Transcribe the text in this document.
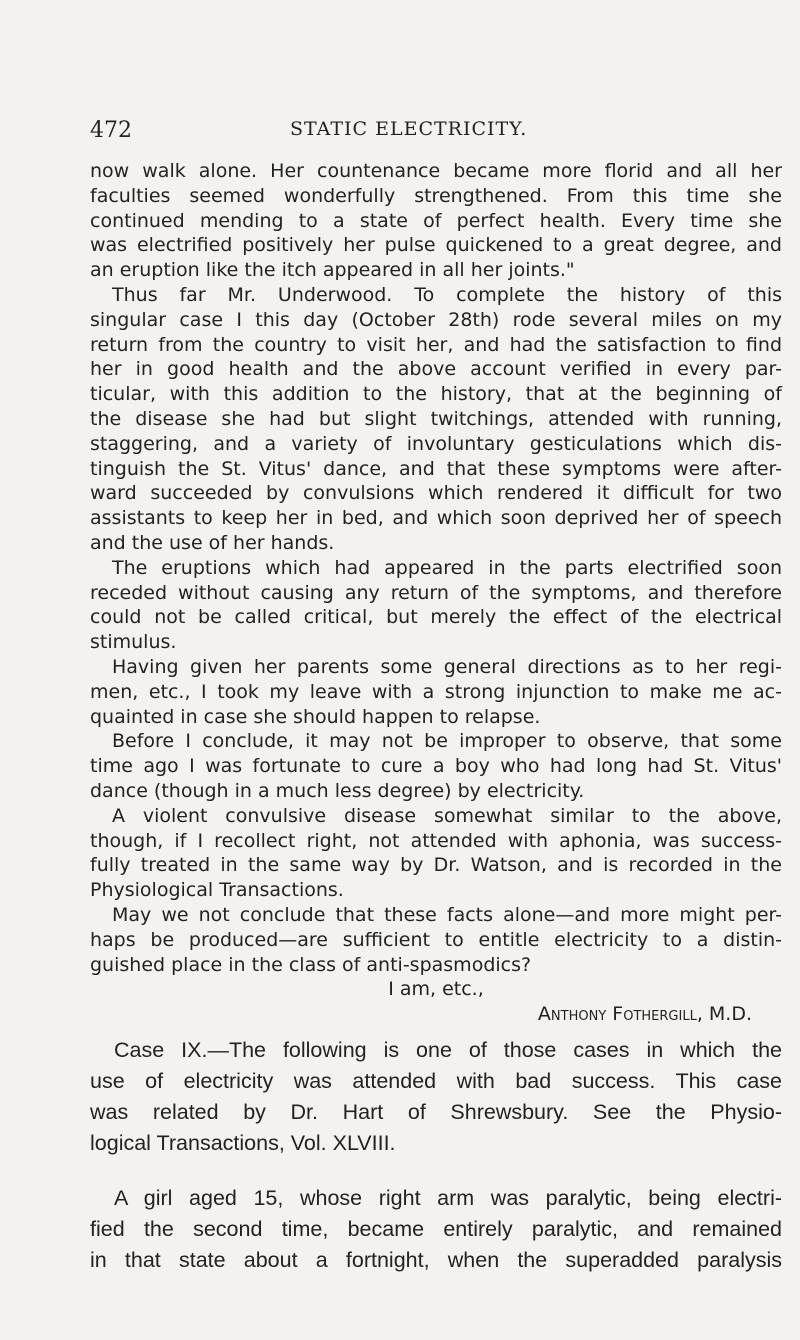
472	STATIC ELECTRICITY.
now walk alone. Her countenance became more florid and all her
faculties seemed wonderfully strengthened. From this time she
continued mending to a state of perfect health. Every time she
was electrified positively her pulse quickened to a great degree, and
an eruption like the itch appeared in all her joints."
Thus far Mr. Underwood. To complete the history of this
singular case I this day (October 28th) rode several miles on my
return from the country to visit her, and had the satisfaction to find
her in good health and the above account verified in every par-
ticular, with this addition to the history, that at the beginning of
the disease she had but slight twitchings, attended with running,
staggering, and a variety of involuntary gesticulations which dis-
tinguish the St. Vitus' dance, and that these symptoms were after-
ward succeeded by convulsions which rendered it difficult for two
assistants to keep her in bed, and which soon deprived her of speech
and the use of her hands.
The eruptions which had appeared in the parts electrified soon
receded without causing any return of the symptoms, and therefore
could not be called critical, but merely the effect of the electrical
stimulus.
Having given her parents some general directions as to her regi-
men, etc., I took my leave with a strong injunction to make me ac-
quainted in case she should happen to relapse.
Before I conclude, it may not be improper to observe, that some
time ago I was fortunate to cure a boy who had long had St. Vitus'
dance (though in a much less degree) by electricity.
A violent convulsive disease somewhat similar to the above,
though, if I recollect right, not attended with aphonia, was success-
fully treated in the same way by Dr. Watson, and is recorded in the
Physiological Transactions.
May we not conclude that these facts alone—and more might per-
haps be produced—are sufficient to entitle electricity to a distin-
guished place in the class of anti-spasmodics?
I am, etc.,
Anthony Fothergill, M.D.
Case IX.—The following is one of those cases in which the
use of electricity was attended with bad success. This case
was related by Dr. Hart of Shrewsbury. See the Physio-
logical Transactions, Vol. XLVIII.
A girl aged 15, whose right arm was paralytic, being electri-
fied the second time, became entirely paralytic, and remained
in that state about a fortnight, when the superadded paralysis
